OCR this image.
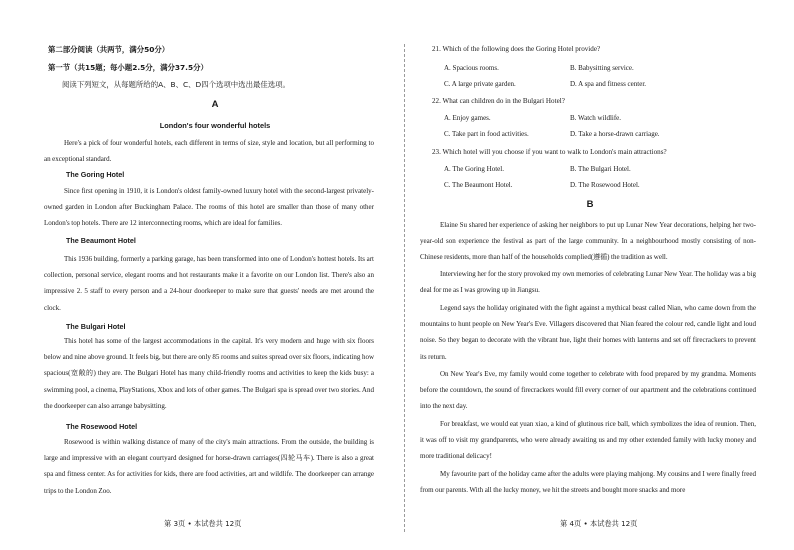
第二部分阅读（共两节，满分50分）
第一节（共15题；每小题2.5分，满分37.5分）
阅读下列短文，从每题所给的A、B、C、D四个选项中选出最佳选项。
A
London's four wonderful hotels

Here's a pick of four wonderful hotels, each different in terms of size, style and location, but all performing to an exceptional standard.

The Goring Hotel

Since first opening in 1910, it is London's oldest family-owned luxury hotel with the second-largest privately-owned garden in London after Buckingham Palace. The rooms of this hotel are smaller than those of many other London's top hotels. There are 12 interconnecting rooms, which are ideal for families.

The Beaumont Hotel

This 1936 building, formerly a parking garage, has been transformed into one of London's hottest hotels. Its art collection, personal service, elegant rooms and hot restaurants make it a favorite on our London list. There's also an impressive 2. 5 staff to every person and a 24-hour doorkeeper to make sure that guests' needs are met around the clock.

The Bulgari Hotel

This hotel has some of the largest accommodations in the capital. It's very modern and huge with six floors below and nine above ground. It feels big, but there are only 85 rooms and suites spread over six floors, indicating how spacious(宽敞的) they are. The Bulgari Hotel has many child-friendly rooms and activities to keep the kids busy: a swimming pool, a cinema, PlayStations, Xbox and lots of other games. The Bulgari spa is spread over two stories. And the doorkeeper can also arrange babysitting.

The Rosewood Hotel

Rosewood is within walking distance of many of the city's main attractions. From the outside, the building is large and impressive with an elegant courtyard designed for horse-drawn carriages(四轮马车). There is also a great spa and fitness center. As for activities for kids, there are food activities, art and wildlife. The doorkeeper can arrange trips to the London Zoo.

第 3页 • 本试卷共 12页
21. Which of the following does the Goring Hotel provide?
A. Spacious rooms.	B. Babysitting service.
C. A large private garden.	D. A spa and fitness center.
22. What can children do in the Bulgari Hotel?
A. Enjoy games.	B. Watch wildlife.
C. Take part in food activities.	D. Take a horse-drawn carriage.
23. Which hotel will you choose if you want to walk to London's main attractions?
A. The Goring Hotel.	B. The Bulgari Hotel.
C. The Beaumont Hotel.	D. The Rosewood Hotel.
B

Elaine Su shared her experience of asking her neighbors to put up Lunar New Year decorations, helping her two-year-old son experience the festival as part of the large community. In a neighbourhood mostly consisting of non-Chinese residents, more than half of the households complied(遵循) the tradition as well.

Interviewing her for the story provoked my own memories of celebrating Lunar New Year. The holiday was a big deal for me as I was growing up in Jiangsu.

Legend says the holiday originated with the fight against a mythical beast called Nian, who came down from the mountains to hunt people on New Year's Eve. Villagers discovered that Nian feared the colour red, candle light and loud noise. So they began to decorate with the vibrant hue, light their homes with lanterns and set off firecrackers to prevent its return.

On New Year's Eve, my family would come together to celebrate with food prepared by my grandma. Moments before the countdown, the sound of firecrackers would fill every corner of our apartment and the celebrations continued into the next day.

For breakfast, we would eat yuan xiao, a kind of glutinous rice ball, which symbolizes the idea of reunion. Then, it was off to visit my grandparents, who were already awaiting us and my other extended family with lucky money and more traditional delicacy!

My favourite part of the holiday came after the adults were playing mahjong. My cousins and I were finally freed from our parents. With all the lucky money, we hit the streets and bought more snacks and more

第 4页 • 本试卷共 12页
